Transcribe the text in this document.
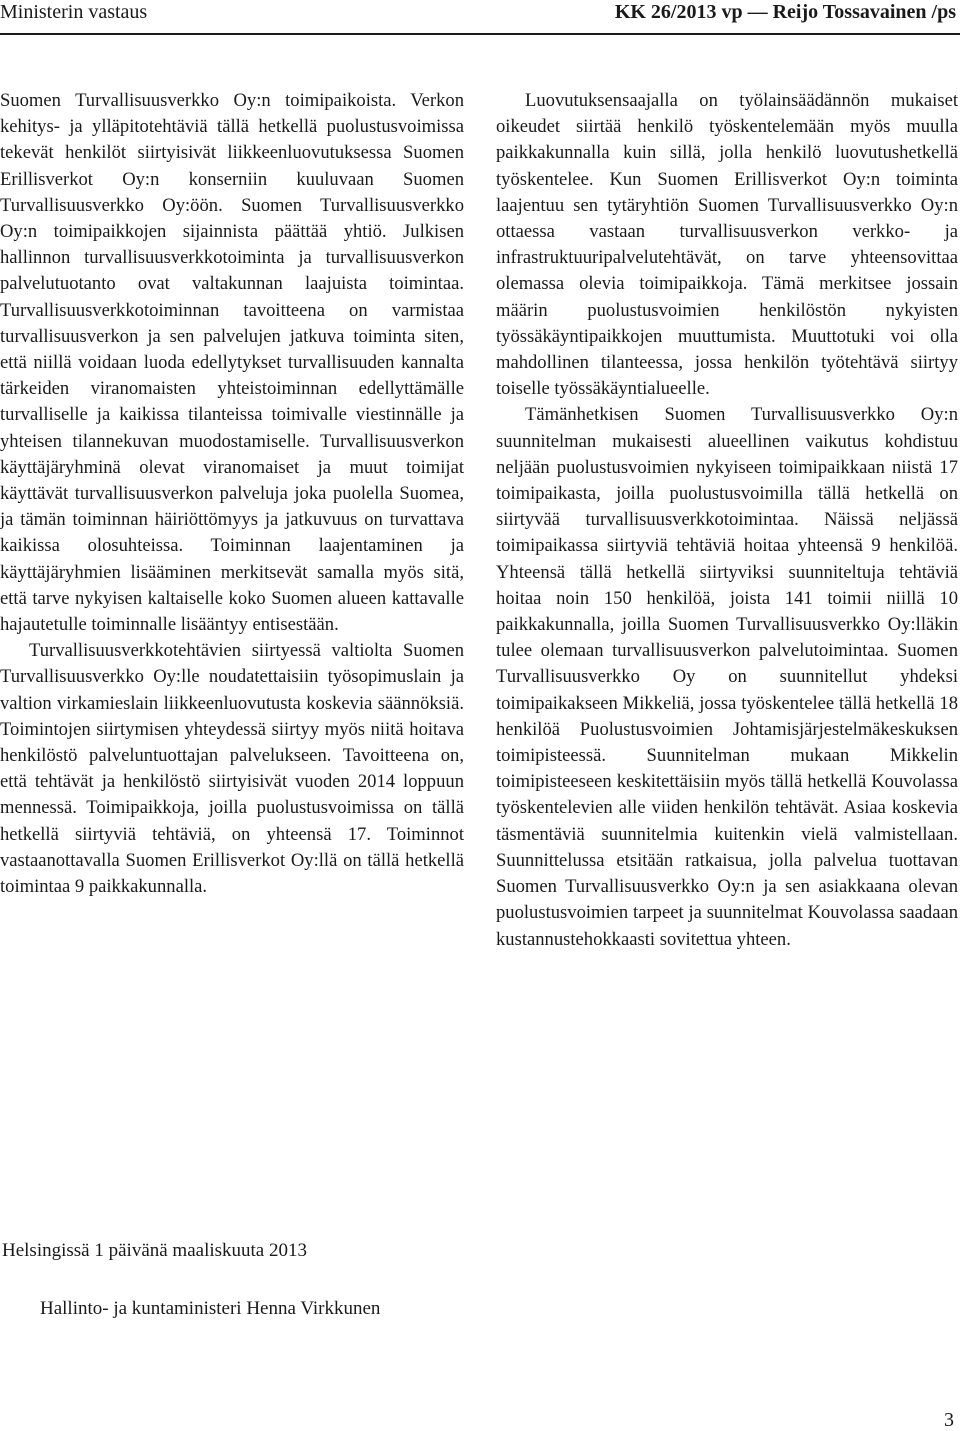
Ministerin vastaus	KK 26/2013 vp — Reijo Tossavainen /ps

Suomen Turvallisuusverkko Oy:n toimipaikoista. Verkon kehitys- ja ylläpitotehtäviä tällä hetkellä puolustusvoimissa tekevät henkilöt siirtyisivät liikkeenluovutuksessa Suomen Erillisverkot Oy:n konserniin kuuluvaan Suomen Turvallisuusverkko Oy:öön. Suomen Turvallisuusverkko Oy:n toimipaikkojen sijainnista päättää yhtiö. Julkisen hallinnon turvallisuusverkkotoiminta ja turvallisuusverkon palvelutuotanto ovat valtakunnan laajuista toimintaa. Turvallisuusverkkotoiminnan tavoitteena on varmistaa turvallisuusverkon ja sen palvelujen jatkuva toiminta siten, että niillä voidaan luoda edellytykset turvallisuuden kannalta tärkeiden viranomaisten yhteistoiminnan edellyttämälle turvalliselle ja kaikissa tilanteissa toimivalle viestinnälle ja yhteisen tilannekuvan muodostamiselle. Turvallisuusverkon käyttäjäryhminä olevat viranomaiset ja muut toimijat käyttävät turvallisuusverkon palveluja joka puolella Suomea, ja tämän toiminnan häiriöttömyys ja jatkuvuus on turvattava kaikissa olosuhteissa. Toiminnan laajentaminen ja käyttäjäryhmien lisääminen merkitsevät samalla myös sitä, että tarve nykyisen kaltaiselle koko Suomen alueen kattavalle hajautetulle toiminnalle lisääntyy entisestään.

Turvallisuusverkkotehtävien siirtyessä valtiolta Suomen Turvallisuusverkko Oy:lle noudatettaisiin työsopimuslain ja valtion virkamieslain liikkeenluovutusta koskevia säännöksiä. Toimintojen siirtymisen yhteydessä siirtyy myös niitä hoitava henkilöstö palveluntuottajan palvelukseen. Tavoitteena on, että tehtävät ja henkilöstö siirtyisivät vuoden 2014 loppuun mennessä. Toimipaikkoja, joilla puolustusvoimissa on tällä hetkellä siirtyviä tehtäviä, on yhteensä 17. Toiminnot vastaanottavalla Suomen Erillisverkot Oy:llä on tällä hetkellä toimintaa 9 paikkakunnalla.

Luovutuksensaajalla on työlainsäädännön mukaiset oikeudet siirtää henkilö työskentelemään myös muulla paikkakunnalla kuin sillä, jolla henkilö luovutushetkellä työskentelee. Kun Suomen Erillisverkot Oy:n toiminta laajentuu sen tytäryhtiön Suomen Turvallisuusverkko Oy:n ottaessa vastaan turvallisuusverkon verkko- ja infrastruktuuripalvelutehtävät, on tarve yhteensovittaa olemassa olevia toimipaikkoja. Tämä merkitsee jossain määrin puolustusvoimien henkilöstön nykyisten työssäkäyntipaikkojen muuttumista. Muuttotuki voi olla mahdollinen tilanteessa, jossa henkilön työtehtävä siirtyy toiselle työssäkäyntialueelle.

Tämänhetkisen Suomen Turvallisuusverkko Oy:n suunnitelman mukaisesti alueellinen vaikutus kohdistuu neljään puolustusvoimien nykyiseen toimipaikkaan niistä 17 toimipaikasta, joilla puolustusvoimilla tällä hetkellä on siirtyvää turvallisuusverkkotoimintaa. Näissä neljässä toimipaikassa siirtyviä tehtäviä hoitaa yhteensä 9 henkilöä. Yhteensä tällä hetkellä siirtyviksi suunniteltuja tehtäviä hoitaa noin 150 henkilöä, joista 141 toimii niillä 10 paikkakunnalla, joilla Suomen Turvallisuusverkko Oy:lläkin tulee olemaan turvallisuusverkon palvelutoimintaa. Suomen Turvallisuusverkko Oy on suunnitellut yhdeksi toimipaikakseen Mikkeliä, jossa työskentelee tällä hetkellä 18 henkilöä Puolustusvoimien Johtamisjärjestelmäkeskuksen toimipisteessä. Suunnitelman mukaan Mikkelin toimipisteeseen keskitettäisiin myös tällä hetkellä Kouvolassa työskentelevien alle viiden henkilön tehtävät. Asiaa koskevia täsmentäviä suunnitelmia kuitenkin vielä valmistellaan. Suunnittelussa etsitään ratkaisua, jolla palvelua tuottavan Suomen Turvallisuusverkko Oy:n ja sen asiakkaana olevan puolustusvoimien tarpeet ja suunnitelmat Kouvolassa saadaan kustannustehokkaasti sovitettua yhteen.

Helsingissä 1 päivänä maaliskuuta 2013
Hallinto- ja kuntaministeri Henna Virkkunen
3
